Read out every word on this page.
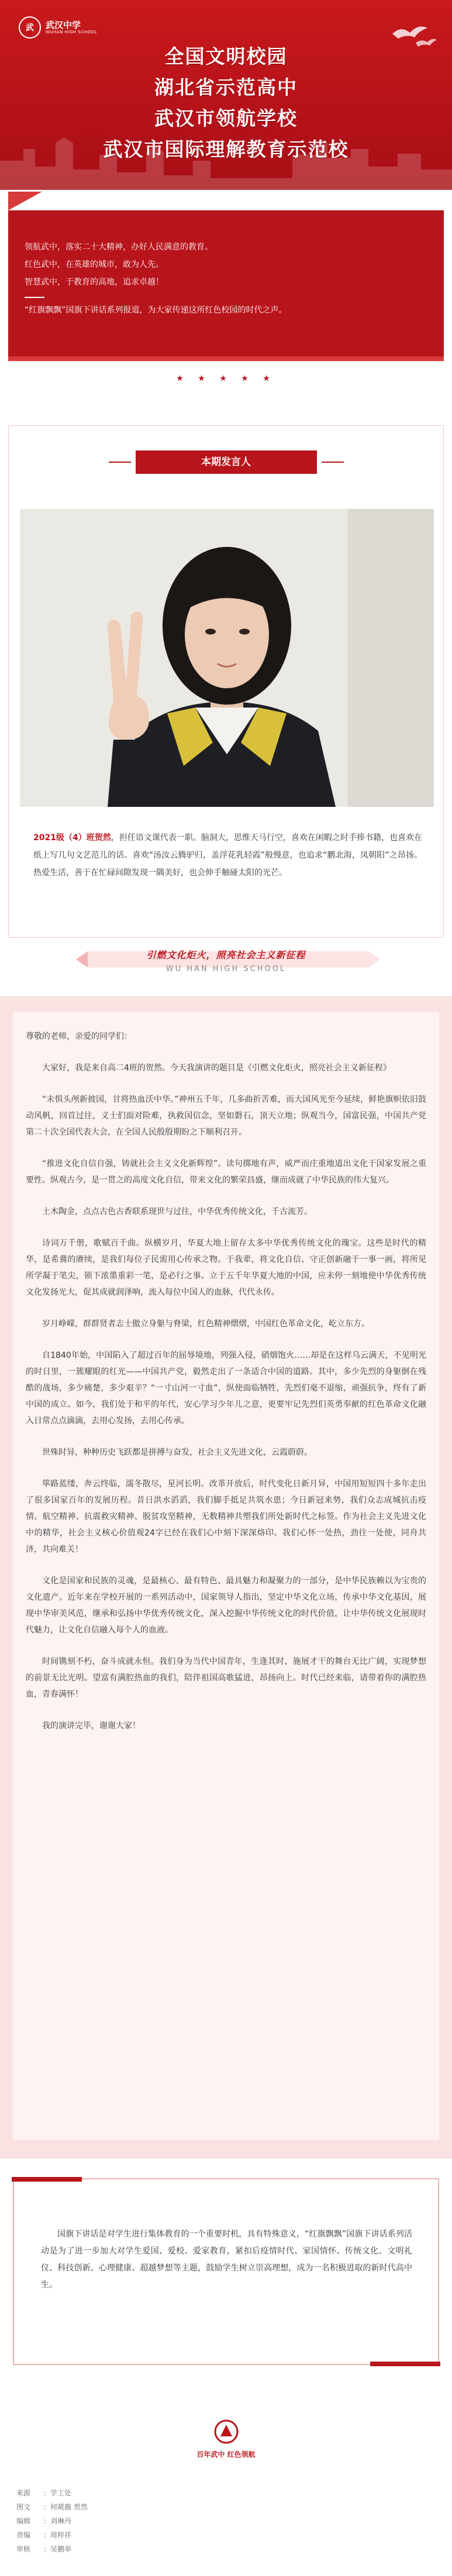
武	武汉中学
WUHAN HIGH SCHOOL
全国文明校园
湖北省示范高中
武汉市领航学校
武汉市国际理解教育示范校

领航武中，落实二十大精神，办好人民满意的教育。

红色武中，在英雄的城市，敢为人先。

智慧武中，于教育的高地，追求卓越！

“红旗飘飘”国旗下讲话系列报道，为大家传递这所红色校园的时代之声。

★ ★ ★ ★ ★
本期发言人
2021级（4）班贺然，担任语文课代表一职。脑洞大，思维天马行空，喜欢在闲暇之时手捧书籍，也喜欢在纸上写几句文艺范儿的话。喜欢“汤汝云腾驴归，盖浮花乳轻霞”般慢意，也追求“鹏北海，凤朝阳”之昂扬。热爱生活，善于在忙碌间隙发现一隅美好，也会伸手触碰太阳的光芒。
引燃文化炬火，照亮社会主义新征程
WU HAN HIGH SCHOOL

尊敬的老师，亲爱的同学们：

大家好，我是来自高二4班的贺然。今天我演讲的题目是《引燃文化炬火，照亮社会主义新征程》

“未惧头颅新披国，甘将热血沃中华。”神州五千年，几多曲折苦难，而大国风光至今延续，鲜艳旗帜依旧鼓动风帆，回首过往，义士们面对险难，执救国信念，坚如磐石，顶天立地；纵观当今，国富民强，中国共产党第二十次全国代表大会，在全国人民殷殷期盼之下顺利召开。

“推进文化自信自强，铸就社会主义文化新辉煌”。读句掷地有声，威严而庄重地道出文化于国家发展之重要性。纵观古今，是一贯之的高度文化自信，带来文化的繁荣昌盛，继而成就了中华民族的伟大复兴。

土木陶金，点点古色古香联系现世与过往，中华优秀传统文化，千古流芳。

诗词万千册，歌赋百千曲。纵横岁月，华夏大地上留存太多中华优秀传统文化的瑰宝。这些是时代的精华，是希冀的赓续，是我们每位子民需用心传承之物。于我辈，将文化自信、守正创新融于一事一画，将所见所学凝于笔尖，锁下浓墨重彩一笔，是必行之事。立于五千年华夏大地的中国，应未停一刻地使中华优秀传统文化发扬光大，促其成就润泽响，流入每位中国人的血脉，代代永传。

岁月峥嵘，群群贤者志士傲立身躯与脊梁，红色精神熠熠，中国红色革命文化，屹立东方。

自1840年始，中国陷入了超过百年的屈辱境地，列强入侵，硝烟饱火……却是在这样乌云满天，不见明光的时日里，一簇耀眼的红光——中国共产党，毅然走出了一条适合中国的道路。其中，多少先烈的身躯倒在残酷的战场，多少痛楚，多少艰辛？“一寸山河一寸血”，纵使面临牺牲，先烈们毫不退缩，顽强抗争，终有了新中国的成立。如今，我们处于和平的年代，安心学习少年儿之意，更要牢记先烈们英勇奉献的红色革命文化融入日常点点滴滴，去用心发扬，去用心传承。

世殊时异，种种历史飞跃都是拼搏与奋发，社会主义先进文化，云霞蔚蔚。

筚路蓝缕，奔云终临，濡冬散尽，星河长明。改革开放后，时代变化日新月异，中国用短短四十多年走出了很多国家百年的发展历程。昔日洪水滔滔，我们脚手抵足共筑水患；今日新冠来势，我们众志成城抗击疫情。航空精神、抗震救灾精神、脱贫攻坚精神，无数精神共塑我们所处新时代之标签。作为社会主义先进文化中的精华，社会主义核心价值观24字已经在我们心中刻下深深烙印。我们心怀一处热，劲往一处使，同舟共济，共向难关！

文化是国家和民族的灵魂，是最核心、最有特色、最具魅力和凝聚力的一部分，是中华民族赖以为宝贵的文化遗产。近年来在学校开展的一系列活动中，国家领导人指出，坚定中华文化立场，传承中华文化基因，展现中华审美风范，继承和弘扬中华优秀传统文化，深入挖掘中华传统文化的时代价值，让中华传统文化展现时代魅力，让文化自信融入每个人的血液。

时间镌刻不朽，奋斗成就永恒。我们身为当代中国青年，生逢其时，施展才干的舞台无比广阔，实现梦想的前景无比光明。望富有满腔热血的我们，陪伴祖国高歌猛进，昂扬向上。时代已经来临，请带着你的满腔热血，青春满怀！

我的演讲完毕，谢谢大家！

国旗下讲话是对学生进行集体教育的一个重要时机，具有特殊意义，“红旗飘飘”国旗下讲话系列活动是为了进一步加大对学生爱国、爱校、爱家教育，紧扣后疫情时代、家国情怀、传统文化、文明礼仪、科技创新、心理健康、超越梦想等主题，鼓励学生树立崇高理想，成为一名积极进取的新时代高中生。
百年武中 红色领航
来源 ：学工处
图文 ：何葳薇 贺然
编辑 ：刘琳丹
责编 ：周梓祥
审核 ：吴鹏举
